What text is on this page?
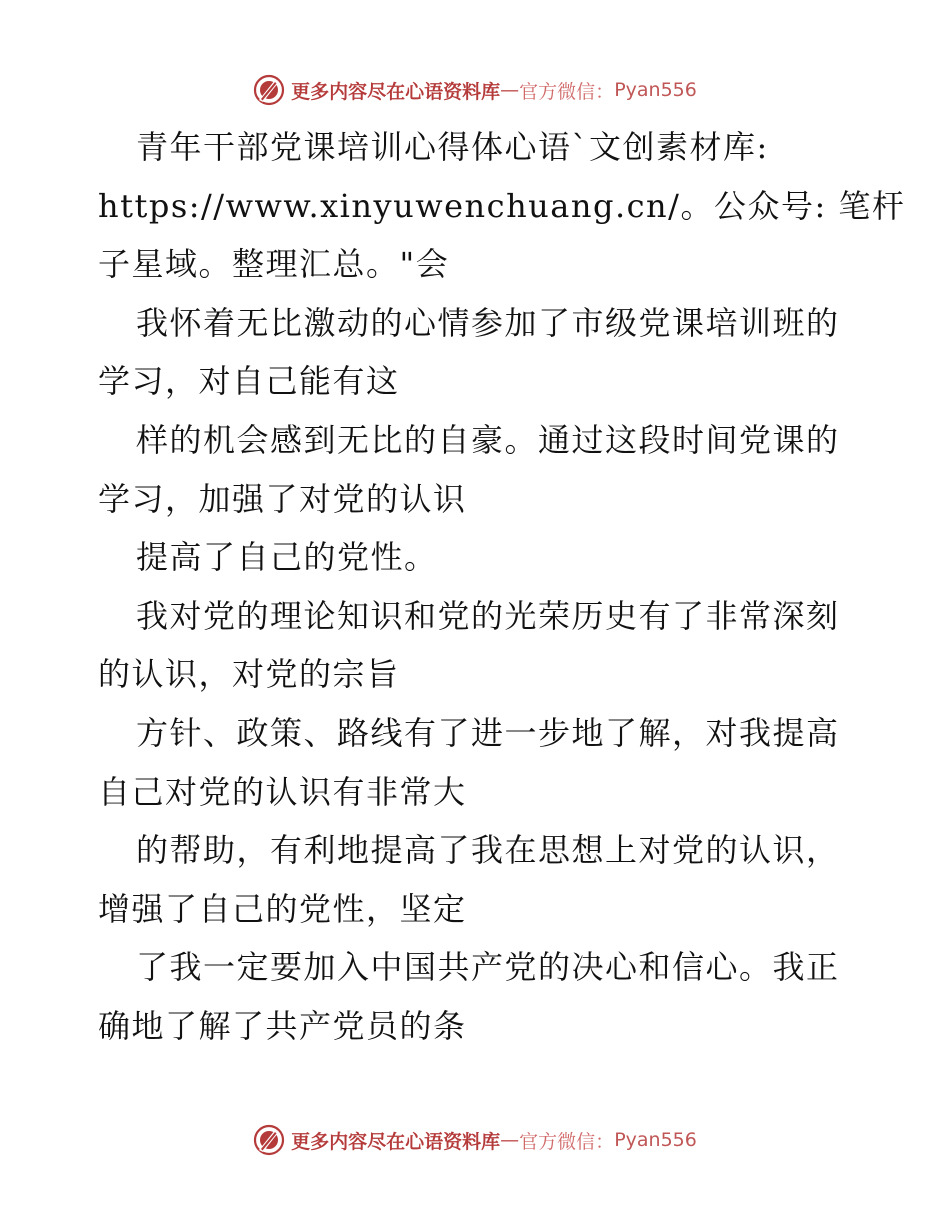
更多内容尽在心语资料库 — 官方微信： Pyan556
青年干部党课培训心得体心语`文创素材库:
https://www.xinyuwenchuang.cn/。公众号: 笔杆
子星域。整理汇总。"会
我怀着无比激动的心情参加了市级党课培训班的
学习，对自己能有这
样的机会感到无比的自豪。通过这段时间党课的
学习，加强了对党的认识
提高了自己的党性。
我对党的理论知识和党的光荣历史有了非常深刻
的认识，对党的宗旨
方针、政策、路线有了进一步地了解，对我提高
自己对党的认识有非常大
的帮助，有利地提高了我在思想上对党的认识，
增强了自己的党性，坚定
了我一定要加入中国共产党的决心和信心。我正
确地了解了共产党员的条
更多内容尽在心语资料库 — 官方微信： Pyan556
